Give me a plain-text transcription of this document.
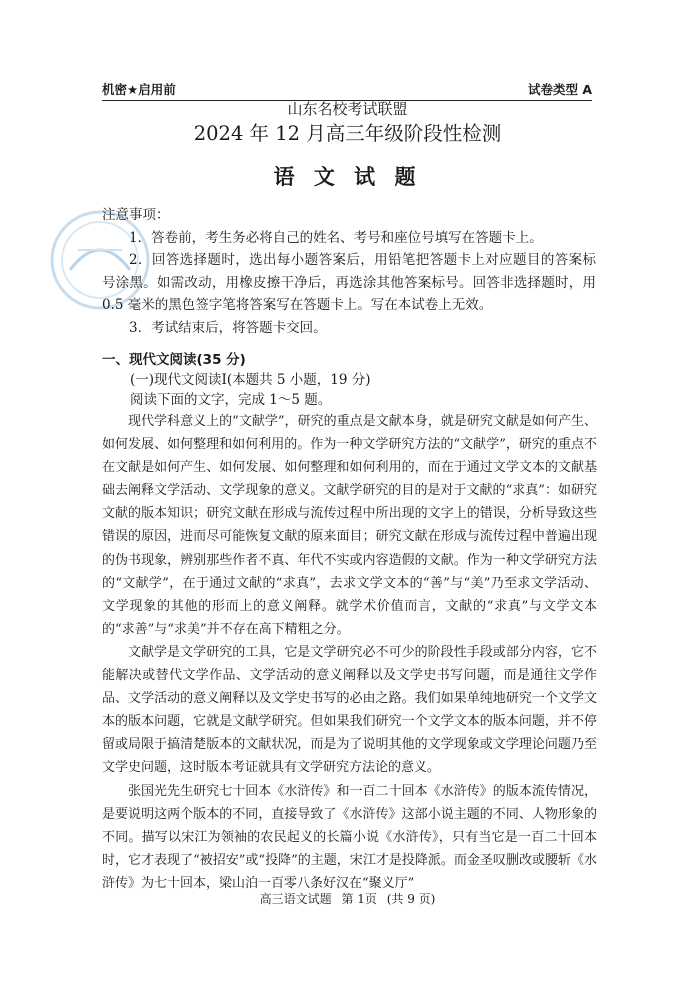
机密★启用前	试卷类型 A
山东名校考试联盟
2024 年 12 月高三年级阶段性检测
语 文 试 题

注意事项：

1．答卷前，考生务必将自己的姓名、考号和座位号填写在答题卡上。

2．回答选择题时，选出每小题答案后，用铅笔把答题卡上对应题目的答案标号涂黑。如需改动，用橡皮擦干净后，再选涂其他答案标号。回答非选择题时，用 0.5 毫米的黑色签字笔将答案写在答题卡上。写在本试卷上无效。

3．考试结束后，将答题卡交回。

一、现代文阅读(35 分)
(一)现代文阅读Ⅰ(本题共 5 小题，19 分)
阅读下面的文字，完成 1～5 题。

现代学科意义上的“文献学”，研究的重点是文献本身，就是研究文献是如何产生、如何发展、如何整理和如何利用的。作为一种文学研究方法的“文献学”，研究的重点不在文献是如何产生、如何发展、如何整理和如何利用的，而在于通过文学文本的文献基础去阐释文学活动、文学现象的意义。文献学研究的目的是对于文献的“求真”：如研究文献的版本知识；研究文献在形成与流传过程中所出现的文字上的错误，分析导致这些错误的原因，进而尽可能恢复文献的原来面目；研究文献在形成与流传过程中普遍出现的伪书现象，辨别那些作者不真、年代不实或内容造假的文献。作为一种文学研究方法的“文献学”，在于通过文献的“求真”，去求文学文本的“善”与“美”乃至求文学活动、文学现象的其他的形而上的意义阐释。就学术价值而言，文献的“求真”与文学文本的“求善”与“求美”并不存在高下精粗之分。

文献学是文学研究的工具，它是文学研究必不可少的阶段性手段或部分内容，它不能解决或替代文学作品、文学活动的意义阐释以及文学史书写问题，而是通往文学作品、文学活动的意义阐释以及文学史书写的必由之路。我们如果单纯地研究一个文学文本的版本问题，它就是文献学研究。但如果我们研究一个文学文本的版本问题，并不停留或局限于搞清楚版本的文献状况，而是为了说明其他的文学现象或文学理论问题乃至文学史问题，这时版本考证就具有文学研究方法论的意义。

张国光先生研究七十回本《水浒传》和一百二十回本《水浒传》的版本流传情况，是要说明这两个版本的不同，直接导致了《水浒传》这部小说主题的不同、人物形象的不同。描写以宋江为领袖的农民起义的长篇小说《水浒传》，只有当它是一百二十回本时，它才表现了“被招安”或“投降”的主题，宋江才是投降派。而金圣叹删改或腰斩《水浒传》为七十回本，梁山泊一百零八条好汉在“聚义厅”

高三语文试题 第 1页 (共 9 页)
